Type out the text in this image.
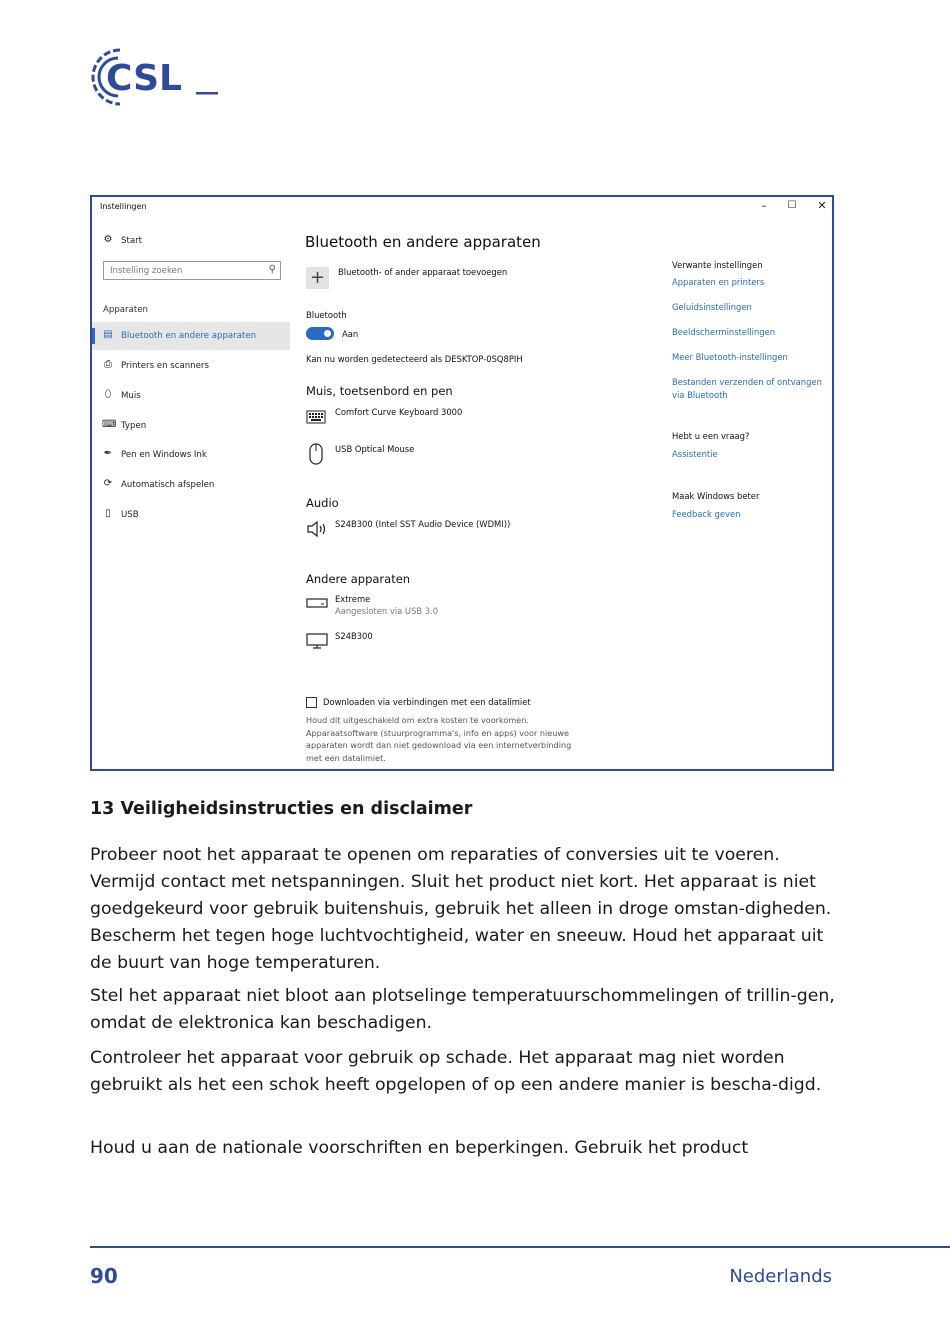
CSL
Instellingen	–	☐	✕
⚙ Start
Instelling zoeken	⚲
Apparaten
▤ Bluetooth en andere apparaten
⎙ Printers en scanners
⬯	Muis
⌨ Typen
✒ Pen en Windows Ink
⟳ Automatisch afspelen
▯	USB
Bluetooth en andere apparaten
+	Bluetooth- of ander apparaat toevoegen
Bluetooth
Aan
Kan nu worden gedetecteerd als DESKTOP-0SQ8PIH
Muis, toetsenbord en pen
Comfort Curve Keyboard 3000
USB Optical Mouse
Audio
S24B300 (Intel SST Audio Device (WDMI))
Andere apparaten
Extreme
Aangesloten via USB 3.0
S24B300
Downloaden via verbindingen met een datalimiet
Houd dit uitgeschakeld om extra kosten te voorkomen. Apparaatsoftware (stuurprogramma's, info en apps) voor nieuwe apparaten wordt dan niet gedownload via een internetverbinding met een datalimiet.
Verwante instellingen
Apparaten en printers
Geluidsinstellingen
Beeldscherminstellingen
Meer Bluetooth-instellingen
Bestanden verzenden of ontvangen via Bluetooth
Hebt u een vraag?
Assistentie
Maak Windows beter
Feedback geven
13 Veiligheidsinstructies en disclaimer

Probeer noot het apparaat te openen om reparaties of conversies uit te voeren. Vermijd contact met netspanningen. Sluit het product niet kort. Het apparaat is niet goedgekeurd voor gebruik buitenshuis, gebruik het alleen in droge omstan-digheden. Bescherm het tegen hoge luchtvochtigheid, water en sneeuw. Houd het apparaat uit de buurt van hoge temperaturen.

Stel het apparaat niet bloot aan plotselinge temperatuurschommelingen of trillin-gen, omdat de elektronica kan beschadigen.

Controleer het apparaat voor gebruik op schade. Het apparaat mag niet worden gebruikt als het een schok heeft opgelopen of op een andere manier is bescha-digd.

Houd u aan de nationale voorschriften en beperkingen. Gebruik het product

90	Nederlands
